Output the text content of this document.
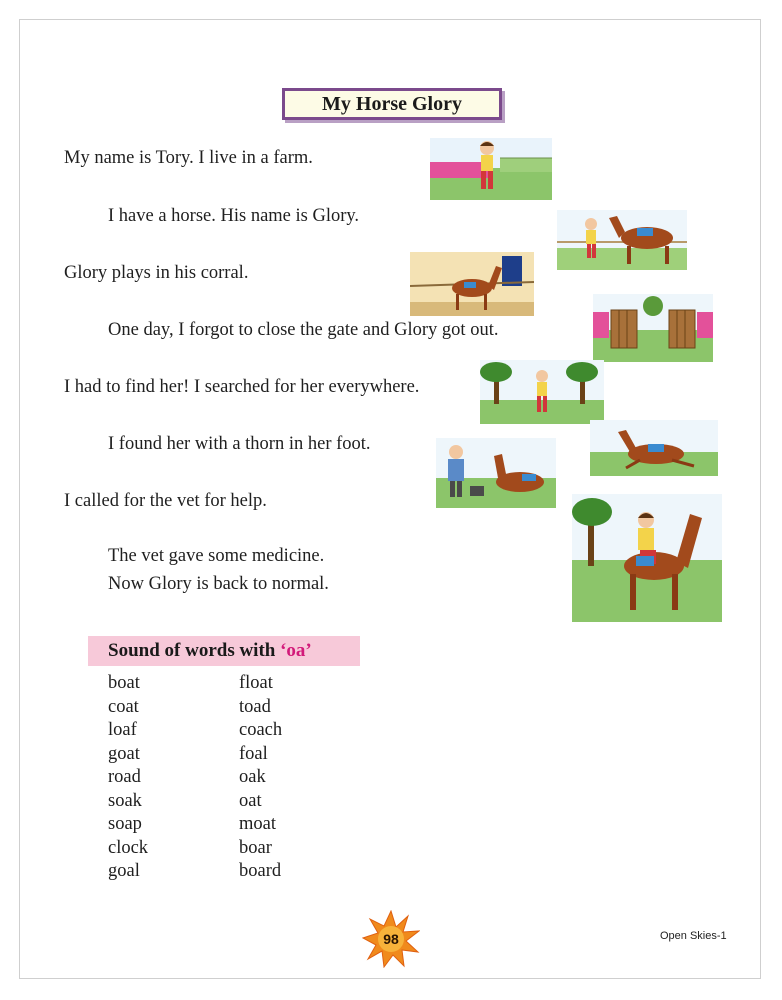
My Horse Glory
My name is Tory. I live in a farm.
I have a horse. His name is Glory.
Glory plays in his corral.
One day, I forgot to close the gate and Glory got out.
I had to find her! I searched for her everywhere.
I found her with a thorn in her foot.
I called for the vet for help.
The vet gave some medicine.
Now Glory is back to normal.
Sound of words with ‘oa’
boat
coat
loaf
goat
road
soak
soap
clock
goal
float
toad
coach
foal
oak
oat
moat
boar
board
98	Open Skies-1
